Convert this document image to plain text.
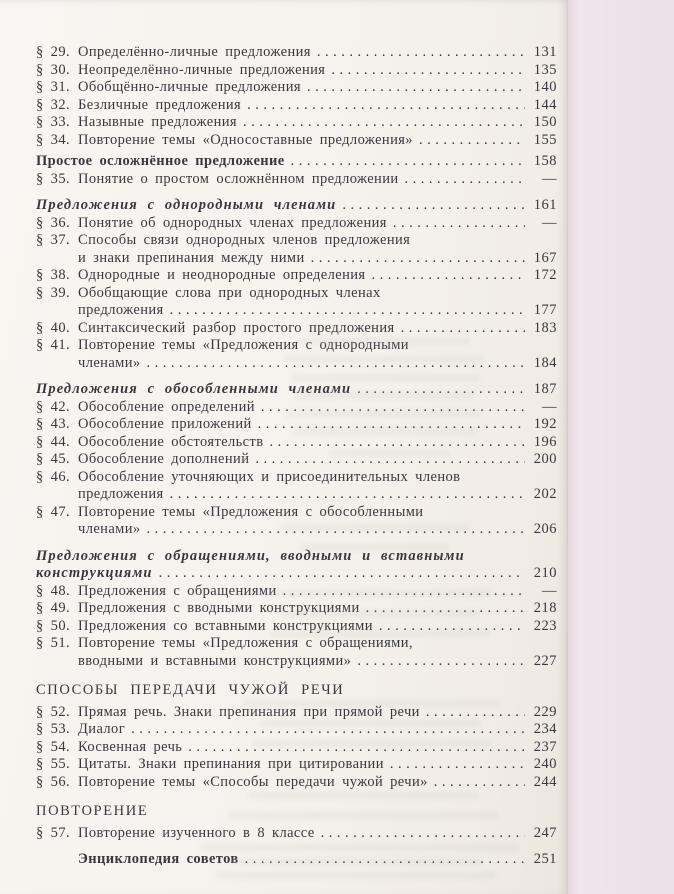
§ 29. Определённо-личные предложения .....	131
§ 30. Неопределённо-личные предложения .....	135
§ 31. Обобщённо-личные предложения .....	140
§ 32. Безличные предложения .....	144
§ 33. Назывные предложения .....	150
§ 34. Повторение темы «Односоставные предложения» .....	155
Простое осложнённое предложение .....	158
§ 35. Понятие о простом осложнённом предложении .....	—
Предложения с однородными членами .....	161
§ 36. Понятие об однородных членах предложения .....	—
§ 37. Способы связи однородных членов предложения
и знаки препинания между ними .....	167
§ 38. Однородные и неоднородные определения .....	172
§ 39. Обобщающие слова при однородных членах
предложения .....	177
§ 40. Синтаксический разбор простого предложения .....	183
§ 41. Повторение темы «Предложения с однородными
членами» .....	184
Предложения с обособленными членами .....	187
§ 42. Обособление определений .....	—
§ 43. Обособление приложений .....	192
§ 44. Обособление обстоятельств .....	196
§ 45. Обособление дополнений .....	200
§ 46. Обособление уточняющих и присоединительных членов
предложения .....	202
§ 47. Повторение темы «Предложения с обособленными
членами» .....	206
Предложения с обращениями, вводными и вставными
конструкциями .....	210
§ 48. Предложения с обращениями .....	—
§ 49. Предложения с вводными конструкциями .....	218
§ 50. Предложения со вставными конструкциями .....	223
§ 51. Повторение темы «Предложения с обращениями,
вводными и вставными конструкциями» .....	227
СПОСОБЫ ПЕРЕДАЧИ ЧУЖОЙ РЕЧИ
§ 52. Прямая речь. Знаки препинания при прямой речи .....	229
§ 53. Диалог .....	234
§ 54. Косвенная речь .....	237
§ 55. Цитаты. Знаки препинания при цитировании .....	240
§ 56. Повторение темы «Способы передачи чужой речи» .....	244
ПОВТОРЕНИЕ
§ 57. Повторение изученного в 8 классе .....	247
Энциклопедия советов .....	251
